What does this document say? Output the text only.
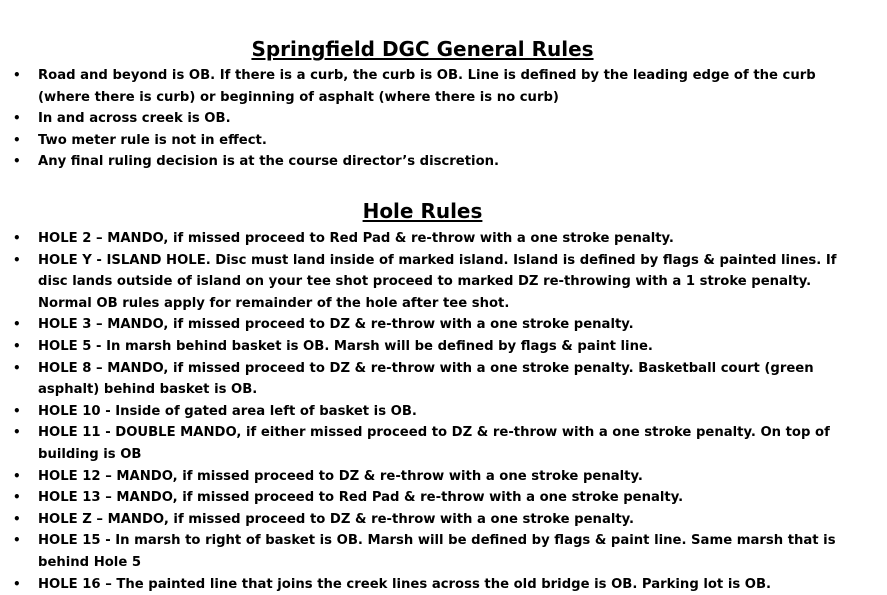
Springfield DGC General Rules
• Road and beyond is OB. If there is a curb, the curb is OB. Line is defined by the leading edge of the curb (where there is curb) or beginning of asphalt (where there is no curb)
• In and across creek is OB.
• Two meter rule is not in effect.
• Any final ruling decision is at the course director’s discretion.
Hole Rules
• HOLE 2 – MANDO, if missed proceed to Red Pad & re-throw with a one stroke penalty.
• HOLE Y - ISLAND HOLE. Disc must land inside of marked island. Island is defined by flags & painted lines. If disc lands outside of island on your tee shot proceed to marked DZ re-throwing with a 1 stroke penalty. Normal OB rules apply for remainder of the hole after tee shot.
• HOLE 3 – MANDO, if missed proceed to DZ & re-throw with a one stroke penalty.
• HOLE 5 - In marsh behind basket is OB. Marsh will be defined by flags & paint line.
• HOLE 8 – MANDO, if missed proceed to DZ & re-throw with a one stroke penalty. Basketball court (green asphalt) behind basket is OB.
• HOLE 10 - Inside of gated area left of basket is OB.
• HOLE 11 - DOUBLE MANDO, if either missed proceed to DZ & re-throw with a one stroke penalty. On top of building is OB
• HOLE 12 – MANDO, if missed proceed to DZ & re-throw with a one stroke penalty.
• HOLE 13 – MANDO, if missed proceed to Red Pad & re-throw with a one stroke penalty.
• HOLE Z – MANDO, if missed proceed to DZ & re-throw with a one stroke penalty.
• HOLE 15 - In marsh to right of basket is OB. Marsh will be defined by flags & paint line. Same marsh that is behind Hole 5
• HOLE 16 – The painted line that joins the creek lines across the old bridge is OB. Parking lot is OB.
